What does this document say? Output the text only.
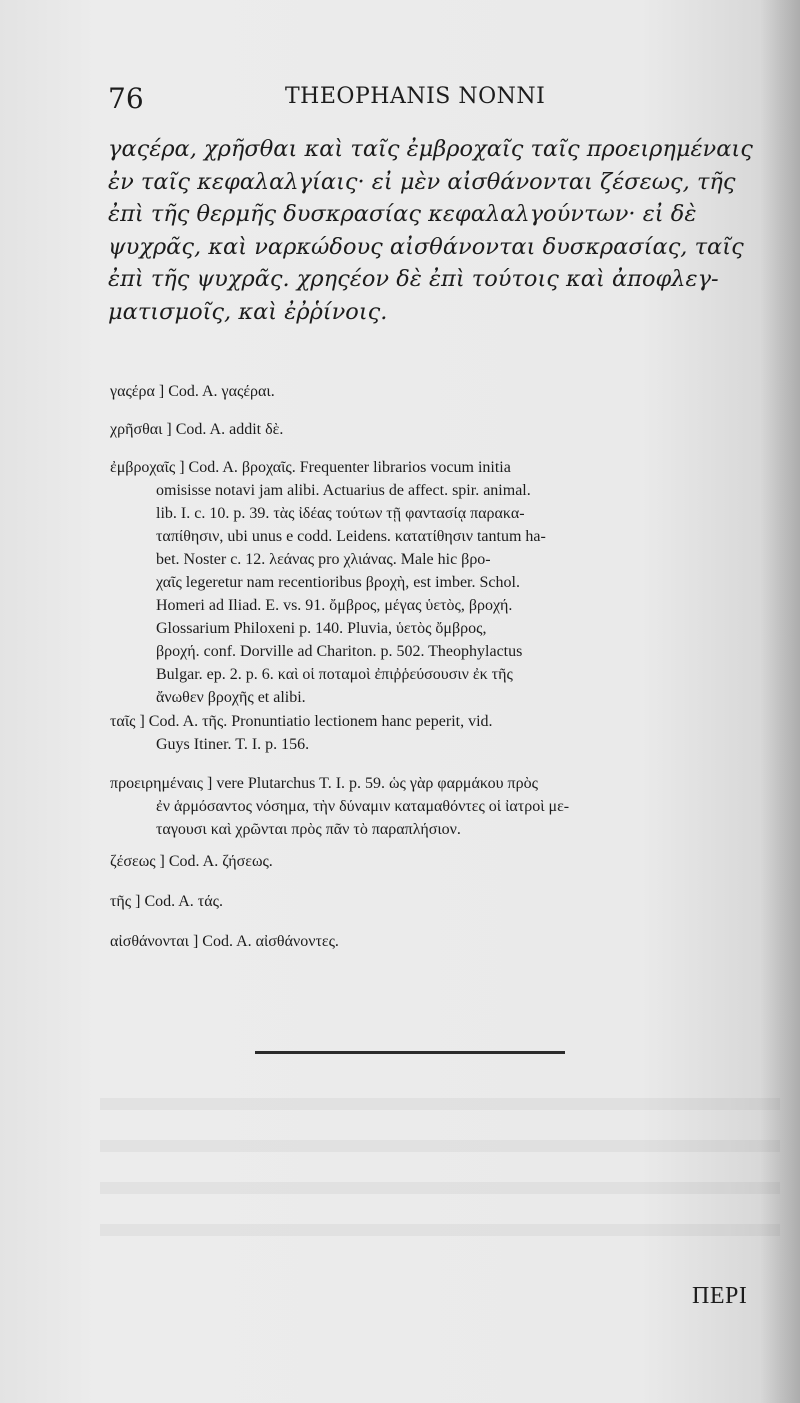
76	THEOPHANIS NONNI
γαςέρα, χρῆσθαι καὶ ταῖς ἐμβροχαῖς ταῖς προειρημέναις
ἐν ταῖς κεφαλαλγίαις· εἰ μὲν αἰσθάνονται ζέσεως, τῆς
ἐπὶ τῆς θερμῆς δυσκρασίας κεφαλαλγούντων· εἰ δὲ
ψυχρᾶς, καὶ ναρκώδους αἰσθάνονται δυσκρασίας, ταῖς
ἐπὶ τῆς ψυχρᾶς. χρηςέον δὲ ἐπὶ τούτοις καὶ ἀποφλεγ-
ματισμοῖς, καὶ ἐῤῥίνοις.
γαςέρα ] Cod. A. γαςέραι.
χρῆσθαι ] Cod. A. addit δὲ.
ἐμβροχαῖς ] Cod. A. βροχαῖς. Frequenter librarios vocum initia
omisisse notavi jam alibi. Actuarius de affect. spir. animal.
lib. I. c. 10. p. 39. τὰς ἰδέας τούτων τῇ φαντασίᾳ παρακα-
ταπίθησιν, ubi unus e codd. Leidens. κατατίθησιν tantum ha-
bet. Noster c. 12. λεάνας pro χλιάνας. Male hic βρο-
χαῖς legeretur nam recentioribus βροχὴ, est imber. Schol.
Homeri ad Iliad. E. vs. 91. ὄμβρος, μέγας ὑετὸς, βροχή.
Glossarium Philoxeni p. 140. Pluvia, ὑετὸς ὄμβρος,
βροχή. conf. Dorville ad Chariton. p. 502. Theophylactus
Bulgar. ep. 2. p. 6. καὶ οἱ ποταμοὶ ἐπιῤῥεύσουσιν ἐκ τῆς
ἄνωθεν βροχῆς et alibi.
ταῖς ] Cod. A. τῆς. Pronuntiatio lectionem hanc peperit, vid.
Guys Itiner. T. I. p. 156.
προειρημέναις ] vere Plutarchus T. I. p. 59. ὡς γὰρ φαρμάκου πρὸς
ἐν ἁρμόσαντος νόσημα, τὴν δύναμιν καταμαθόντες οἱ ἰατροὶ με-
ταγουσι καὶ χρῶνται πρὸς πᾶν τὸ παραπλήσιον.
ζέσεως ] Cod. A. ζήσεως.
τῆς ] Cod. A. τάς.
αἰσθάνονται ] Cod. A. αἰσθάνοντες.
ΠΕΡΙ
